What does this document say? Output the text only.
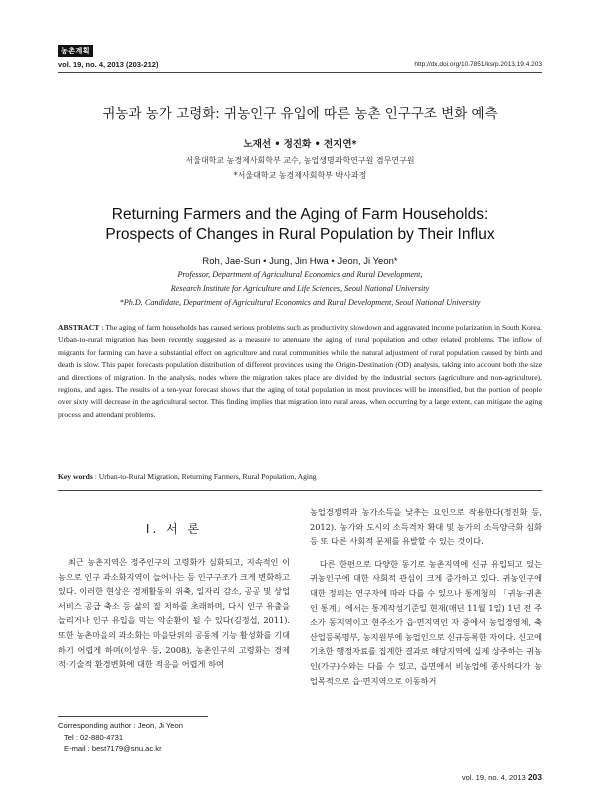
농촌계획
vol. 19, no. 4, 2013 (203-212)	http://dx.doi.org/10.7851/ksrp.2013.19.4.203
귀농과 농가 고령화: 귀농인구 유입에 따른 농촌 인구구조 변화 예측
노재선 • 정진화 • 전지연*
서울대학교 농경제사회학부 교수, 농업생명과학연구원 겸무연구원
*서울대학교 농경제사회학부 박사과정
Returning Farmers and the Aging of Farm Households:
Prospects of Changes in Rural Population by Their Influx
Roh, Jae-Sun • Jung, Jin Hwa • Jeon, Ji Yeon*
Professor, Department of Agricultural Economics and Rural Development,
Research Institute for Agriculture and Life Sciences, Seoul National University
*Ph.D. Candidate, Department of Agricultural Economics and Rural Development, Seoul National University
ABSTRACT : The aging of farm households has caused serious problems such as productivity slowdown and aggravated income polarization in South Korea. Urban-to-rural migration has been recently suggested as a measure to attenuate the aging of rural population and other related problems. The inflow of migrants for farming can have a substantial effect on agriculture and rural communities while the natural adjustment of rural population caused by birth and death is slow. This paper forecasts population distribution of different provinces using the Origin-Destination (OD) analysis, taking into account both the size and directions of migration. In the analysis, nodes where the migration takes place are divided by the industrial sectors (agriculture and non-agriculture), regions, and ages. The results of a ten-year forecast shows that the aging of total population in most provinces will be intensified, but the portion of people over sixty will decrease in the agricultural sector. This finding implies that migration into rural areas, when occurring by a large extent, can mitigate the aging process and attendant problems.
Key words : Urban-to-Rural Migration, Returning Farmers, Rural Population, Aging
I. 서 론

최근 농촌지역은 정주인구의 고령화가 심화되고, 지속적인 이농으로 인구 과소화지역이 늘어나는 등 인구구조가 크게 변화하고 있다. 이러한 현상은 경제활동의 위축, 일자리 감소, 공공 및 상업서비스 공급 축소 등 삶의 질 저하를 초래하며, 다시 인구 유출을 늘리거나 인구 유입을 막는 악순환이 될 수 있다(김정섭, 2011). 또한 농촌마을의 과소화는 마을단위의 공동체 기능 활성화를 기대하기 어렵게 하며(이성우 등, 2008), 농촌인구의 고령화는 경제적·기술적 환경변화에 대한 적응을 어렵게 하여

농업경쟁력과 농가소득을 낮추는 요인으로 작용한다(정진화 등, 2012). 농가와 도시의 소득격차 확대 및 농가의 소득양극화 심화 등 또 다른 사회적 문제를 유발할 수 있는 것이다.

다른 한편으로 다양한 동기로 농촌지역에 신규 유입되고 있는 귀농인구에 대한 사회적 관심이 크게 증가하고 있다. 귀농인구에 대한 정의는 연구자에 따라 다를 수 있으나 통계청의 「귀농·귀촌인 통계」에서는 통계작성기준일 현재(매년 11월 1일) 1년 전 주소가 동지역이고 현주소가 읍·면지역인 자 중에서 농업경영체, 축산업등록명부, 농지원부에 농업인으로 신규등록한 자이다. 신고에 기초한 행정자료를 집계한 결과로 해당지역에 실제 상주하는 귀농인(가구)수와는 다를 수 있고, 읍면에서 비농업에 종사하다가 농업목적으로 읍·면지역으로 이동하거

Corresponding author : Jeon, Ji Yeon

Tel : 02-880-4731
E-mail : best7179@snu.ac.kr
vol. 19, no. 4, 2013 203
